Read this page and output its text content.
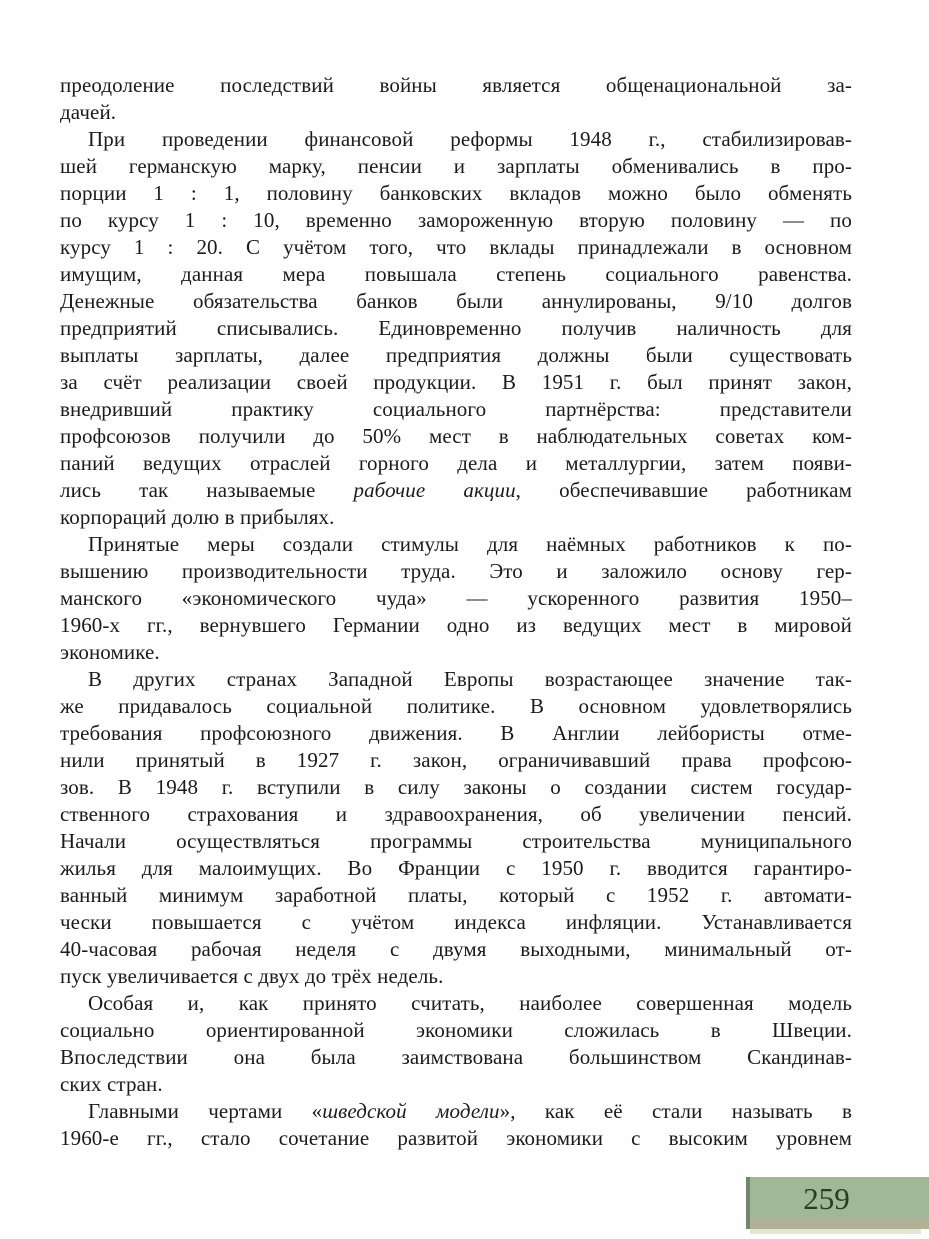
преодоление последствий войны является общенациональной за-
дачей.
При проведении финансовой реформы 1948 г., стабилизировав-
шей германскую марку, пенсии и зарплаты обменивались в про-
порции 1 : 1, половину банковских вкладов можно было обменять
по курсу 1 : 10, временно замороженную вторую половину — по
курсу 1 : 20. С учётом того, что вклады принадлежали в основном
имущим, данная мера повышала степень социального равенства.
Денежные обязательства банков были аннулированы, 9/10 долгов
предприятий списывались. Единовременно получив наличность для
выплаты зарплаты, далее предприятия должны были существовать
за счёт реализации своей продукции. В 1951 г. был принят закон,
внедривший практику социального партнёрства: представители
профсоюзов получили до 50% мест в наблюдательных советах ком-
паний ведущих отраслей горного дела и металлургии, затем появи-
лись так называемые рабочие акции, обеспечивавшие работникам
корпораций долю в прибылях.
Принятые меры создали стимулы для наёмных работников к по-
вышению производительности труда. Это и заложило основу гер-
манского «экономического чуда» — ускоренного развития 1950–
1960-х гг., вернувшего Германии одно из ведущих мест в мировой
экономике.
В других странах Западной Европы возрастающее значение так-
же придавалось социальной политике. В основном удовлетворялись
требования профсоюзного движения. В Англии лейбористы отме-
нили принятый в 1927 г. закон, ограничивавший права профсою-
зов. В 1948 г. вступили в силу законы о создании систем государ-
ственного страхования и здравоохранения, об увеличении пенсий.
Начали осуществляться программы строительства муниципального
жилья для малоимущих. Во Франции с 1950 г. вводится гарантиро-
ванный минимум заработной платы, который с 1952 г. автомати-
чески повышается с учётом индекса инфляции. Устанавливается
40-часовая рабочая неделя с двумя выходными, минимальный от-
пуск увеличивается с двух до трёх недель.
Особая и, как принято считать, наиболее совершенная модель
социально ориентированной экономики сложилась в Швеции.
Впоследствии она была заимствована большинством Скандинав-
ских стран.
Главными чертами «шведской модели», как её стали называть в
1960-е гг., стало сочетание развитой экономики с высоким уровнем
259
